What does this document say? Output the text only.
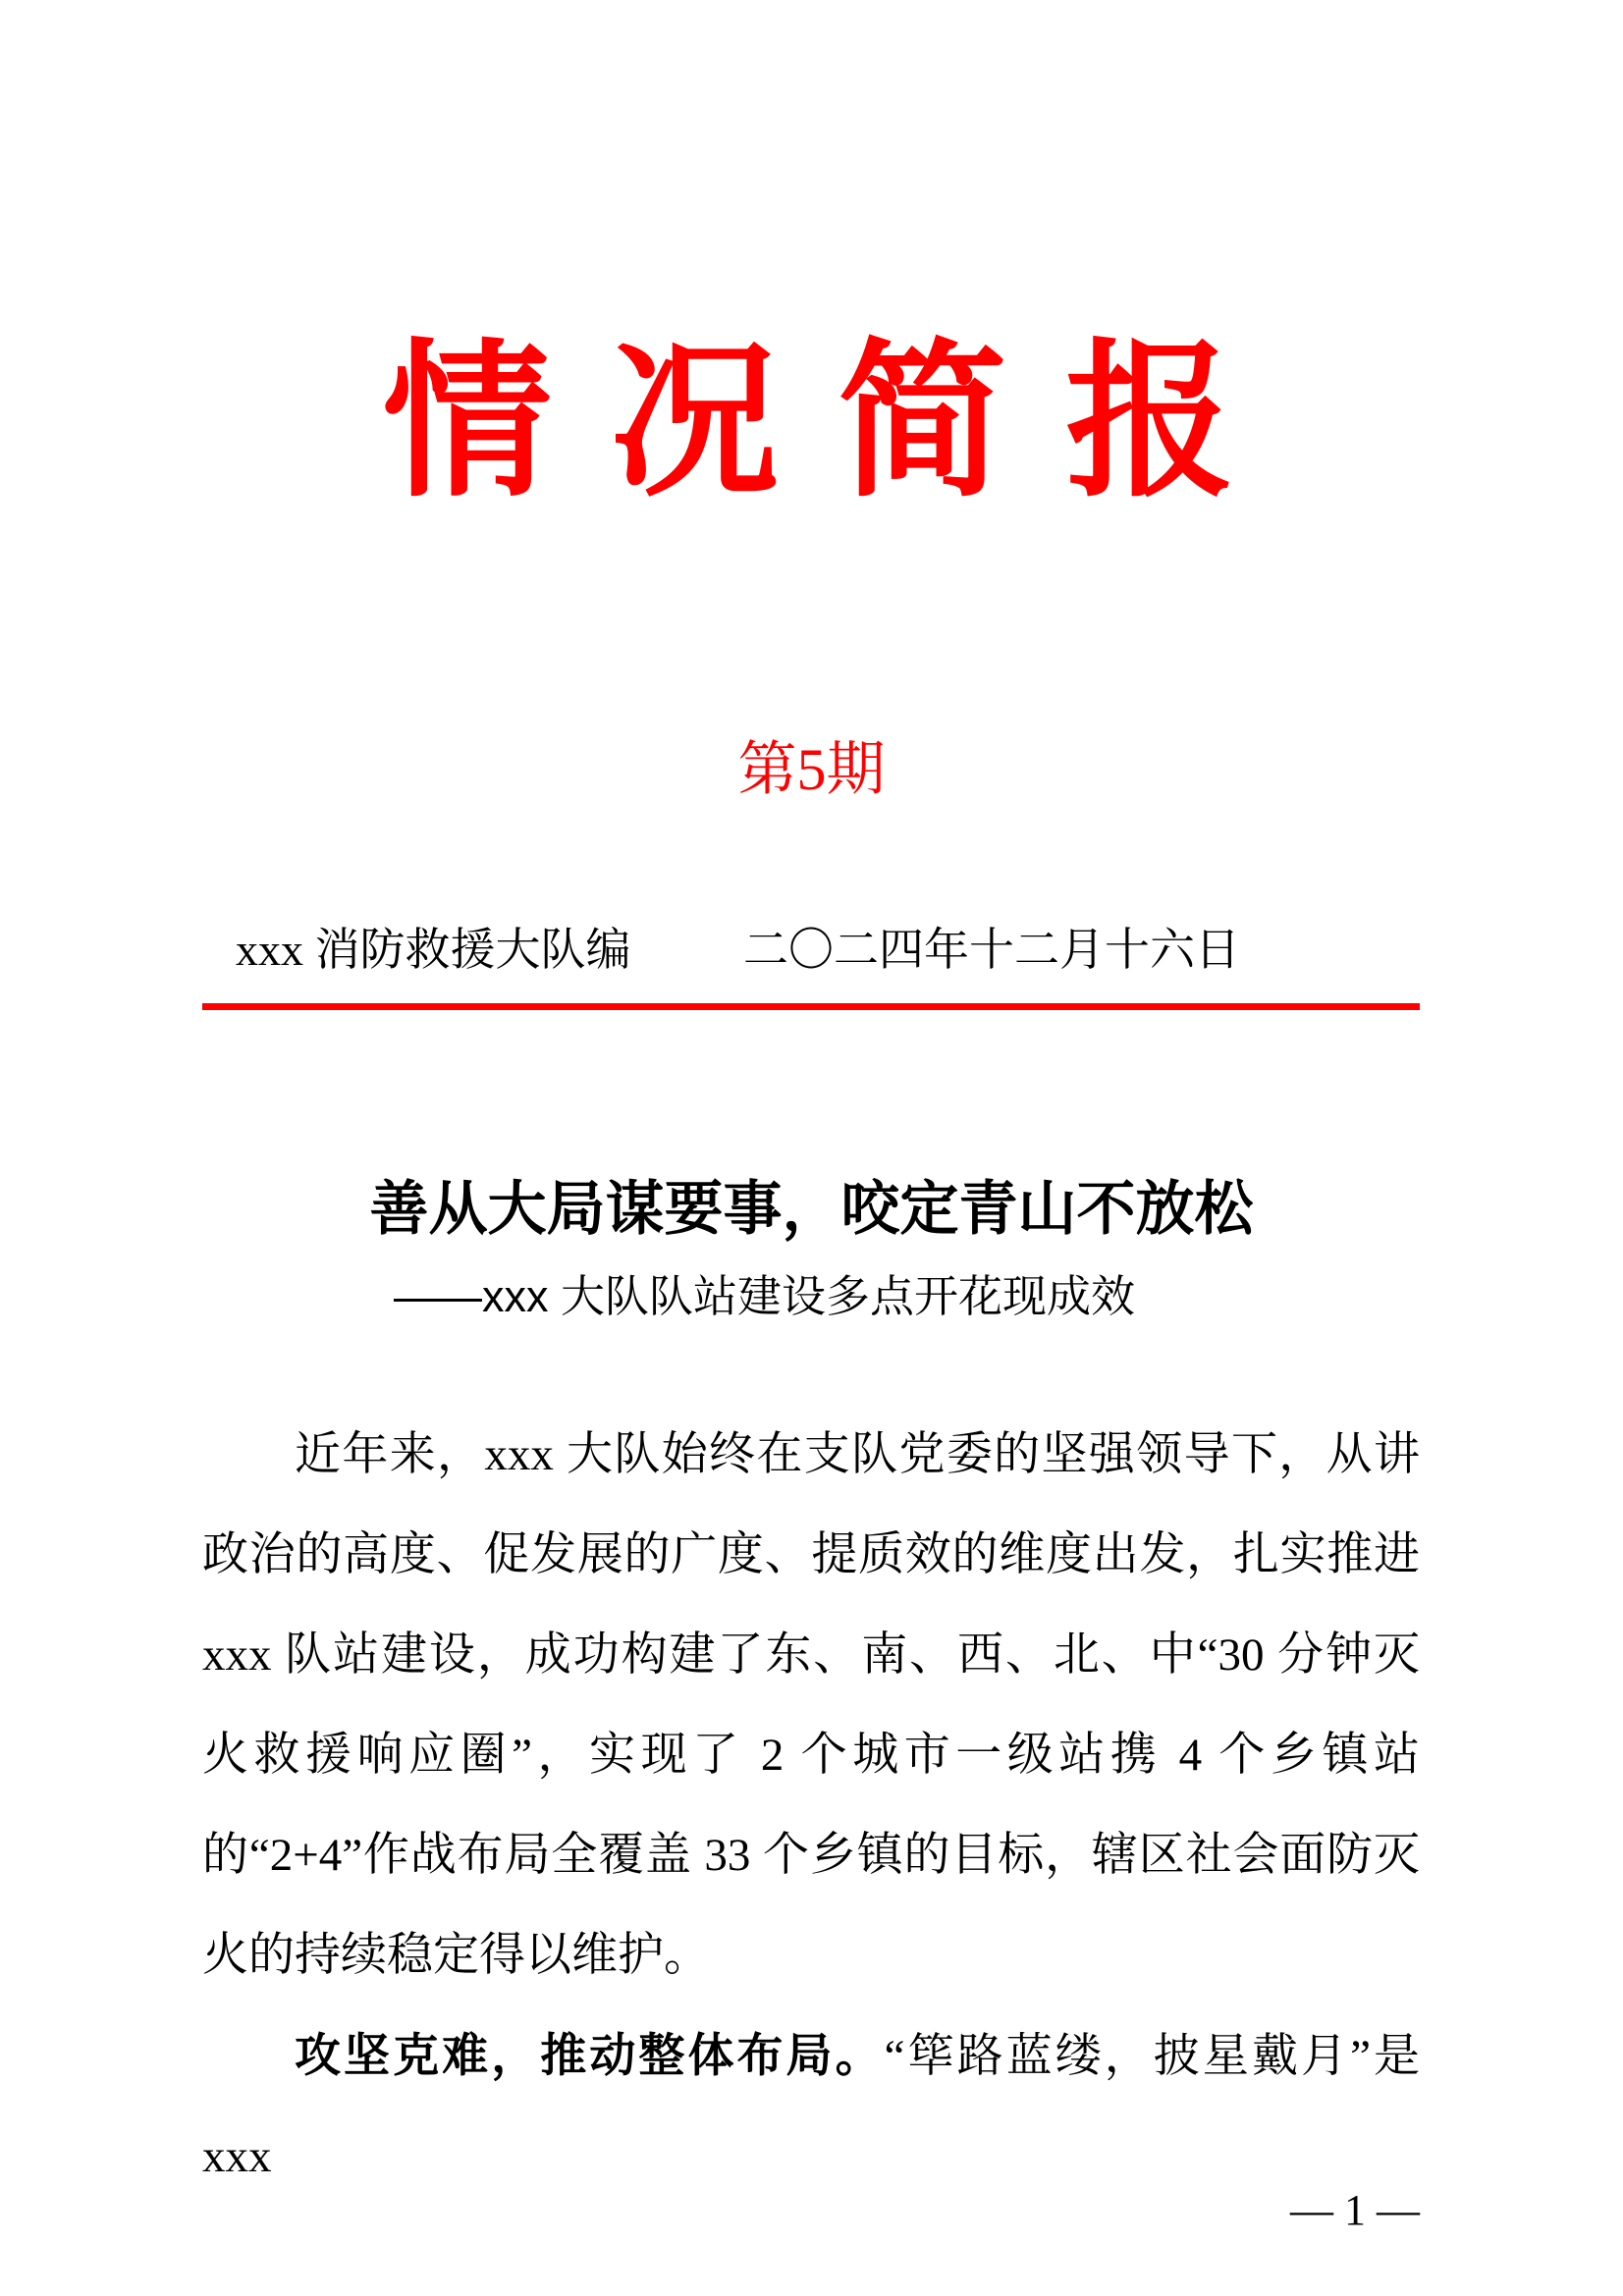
情 况 简 报
第5期
xxx 消防救援大队编 二〇二四年十二月十六日
善从大局谋要事，咬定青山不放松
——xxx 大队队站建设多点开花现成效

近年来，xxx 大队始终在支队党委的坚强领导下，从讲政治的高度、促发展的广度、提质效的维度出发，扎实推进 xxx 队站建设，成功构建了东、南、西、北、中“30 分钟灭火救援响应圈”，实现了 2 个城市一级站携 4 个乡镇站的“2+4”作战布局全覆盖 33 个乡镇的目标，辖区社会面防灭火的持续稳定得以维护。

攻坚克难，推动整体布局。“筚路蓝缕，披星戴月”是 xxx

— 1 —
